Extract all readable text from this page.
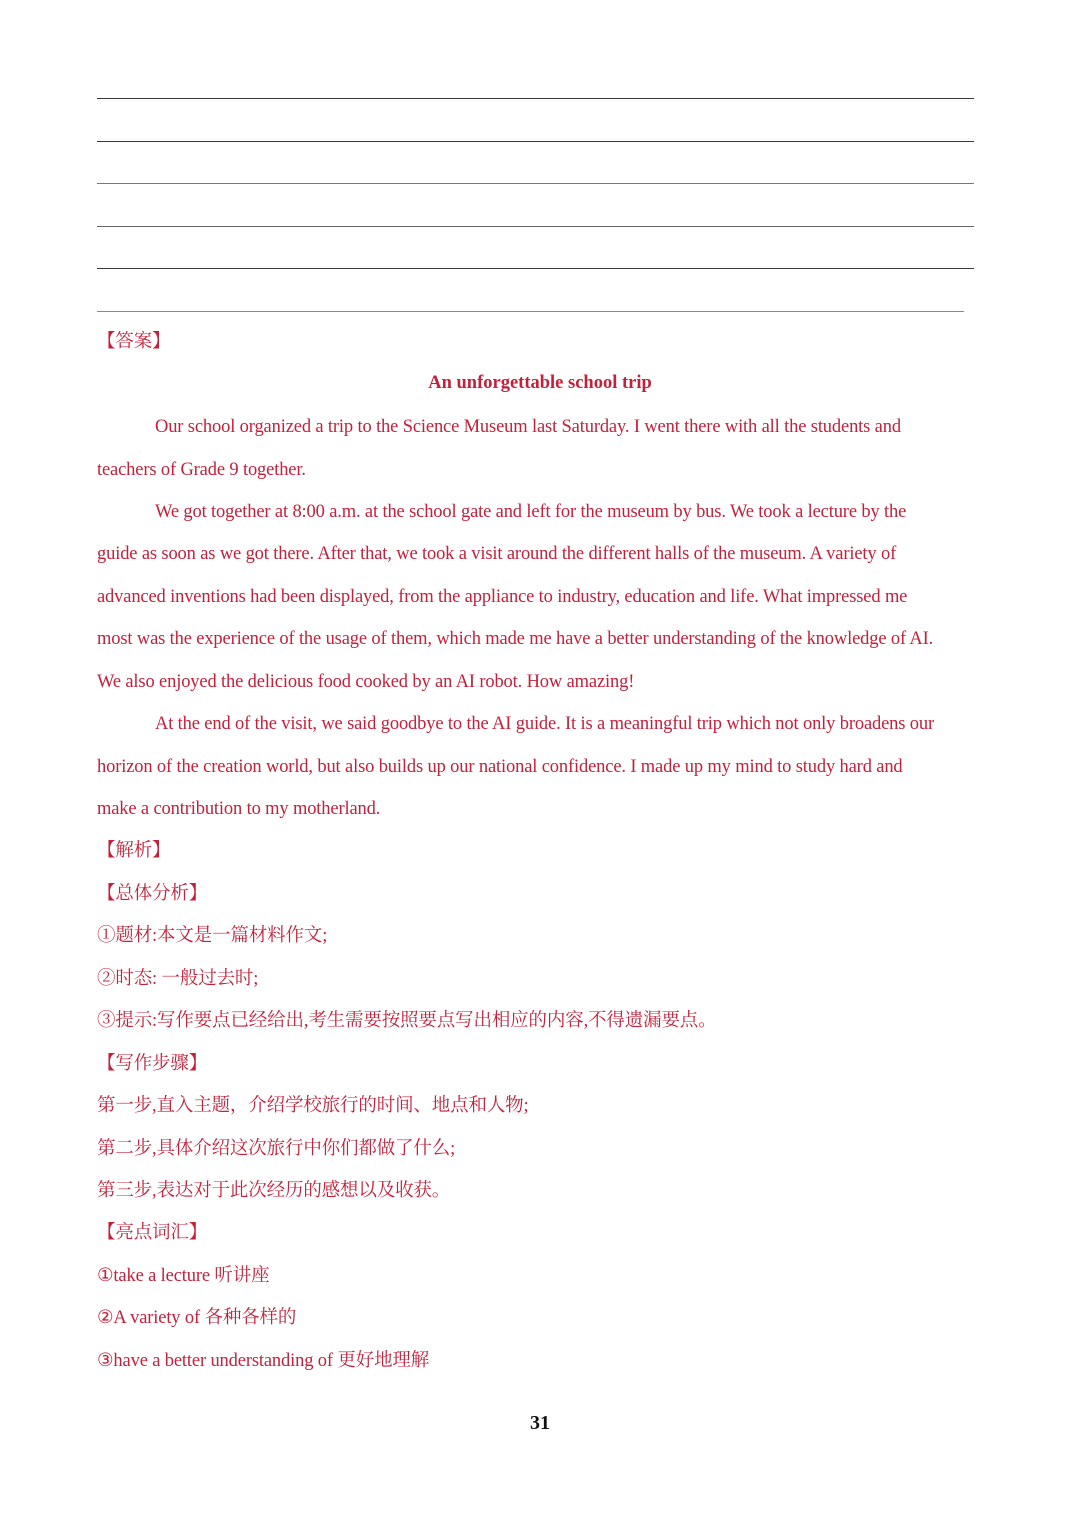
【答案】
An unforgettable school trip
Our school organized a trip to the Science Museum last Saturday. I went there with all the students and
teachers of Grade 9 together.
We got together at 8:00 a.m. at the school gate and left for the museum by bus. We took a lecture by the
guide as soon as we got there. After that, we took a visit around the different halls of the museum. A variety of
advanced inventions had been displayed, from the appliance to industry, education and life. What impressed me
most was the experience of the usage of them, which made me have a better understanding of the knowledge of AI.
We also enjoyed the delicious food cooked by an AI robot. How amazing!
At the end of the visit, we said goodbye to the AI guide. It is a meaningful trip which not only broadens our
horizon of the creation world, but also builds up our national confidence. I made up my mind to study hard and
make a contribution to my motherland.
【解析】
【总体分析】
①题材:本文是一篇材料作文;
②时态: 一般过去时;
③提示:写作要点已经给出,考生需要按照要点写出相应的内容,不得遗漏要点。
【写作步骤】
第一步,直入主题，介绍学校旅行的时间、地点和人物;
第二步,具体介绍这次旅行中你们都做了什么;
第三步,表达对于此次经历的感想以及收获。
【亮点词汇】
①take a lecture 听讲座
②A variety of 各种各样的
③have a better understanding of 更好地理解
31
